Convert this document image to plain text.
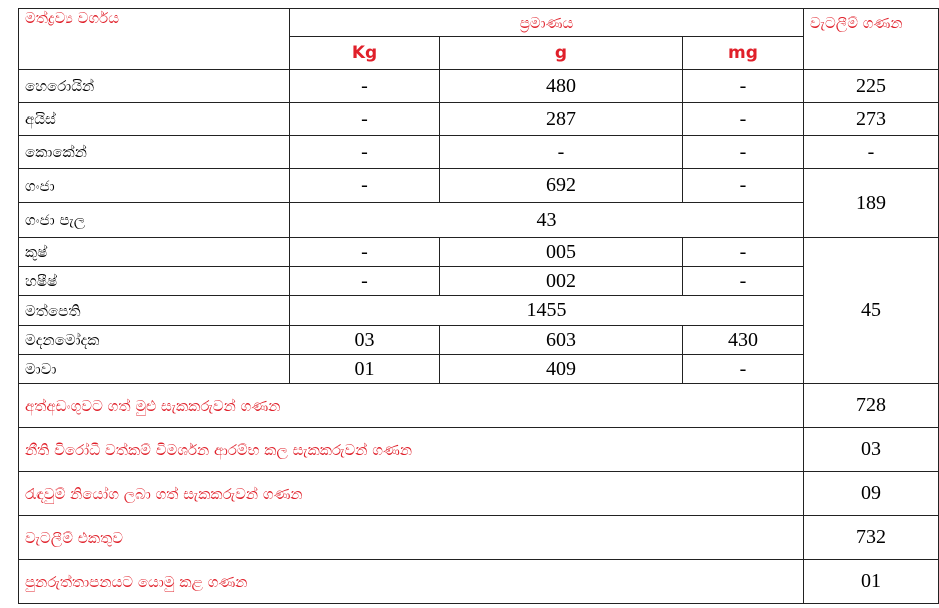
මත්ද්‍රව්‍ය වර්ගය	ප්‍රමාණය			වැටලීම් ගණන
	Kg	g	mg	
හෙරොයින්	-	480	-	225
අයිස්	-	287	-	273
කොකේන්	-	-	-	-
ගංජා	-	692	-	189
ගංජා පැල	43			
කුෂ්	-	005	-	45
හෂීෂ්	-	002	-	
මත්පෙති	1455			
මදනමෝදක	03	603	430	
මාවා	01	409	-	
අත්අඩංගුවට ගත් මුළු සැකකරුවන් ගණන				728
නීති විරෝධී වත්කම් විමර්ශන ආරම්භ කල සැකකරුවන් ගණන				03
රැඳවුම් නියෝග ලබා ගත් සැකකරුවන් ගණන				09
වැටලීම් එකතුව				732
පුනරුත්තාපනයට යොමු කළ ගණන				01
